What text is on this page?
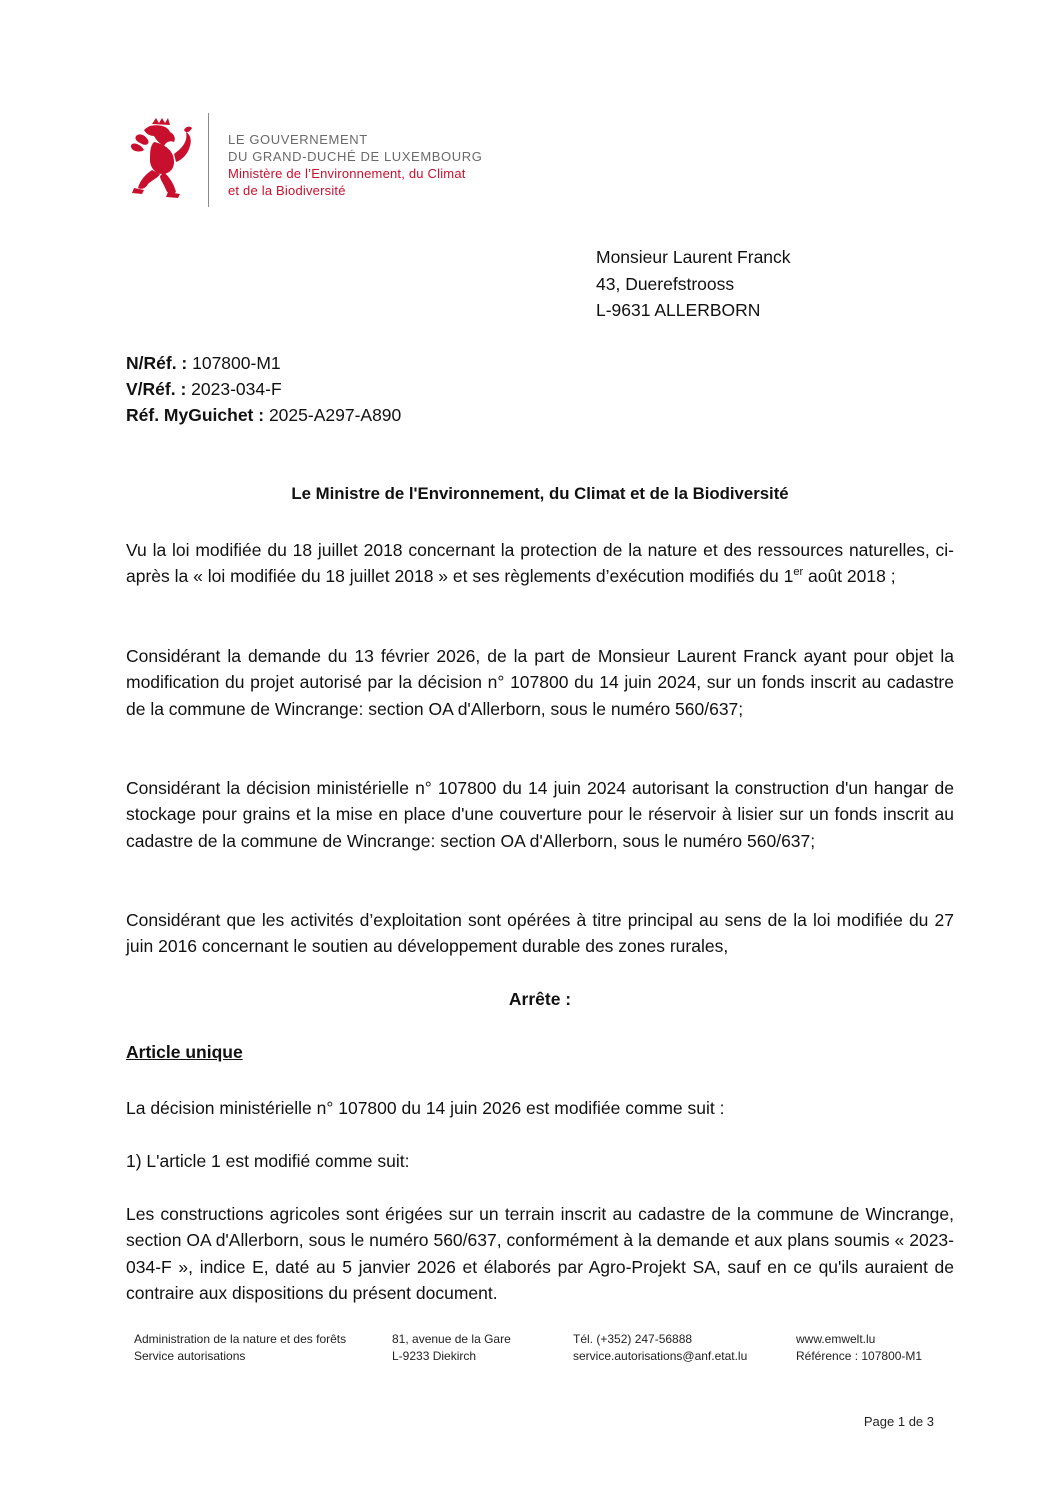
LE GOUVERNEMENT
DU GRAND-DUCHÉ DE LUXEMBOURG
Ministère de l’Environnement, du Climat
et de la Biodiversité
Monsieur Laurent Franck
43, Duerefstrooss
L-9631 ALLERBORN
N/Réf. : 107800-M1
V/Réf. : 2023-034-F
Réf. MyGuichet : 2025-A297-A890
Le Ministre de l'Environnement, du Climat et de la Biodiversité
Vu la loi modifiée du 18 juillet 2018 concernant la protection de la nature et des ressources naturelles, ci-après la « loi modifiée du 18 juillet 2018 » et ses règlements d’exécution modifiés du 1er août 2018 ;
Considérant la demande du 13 février 2026, de la part de Monsieur Laurent Franck ayant pour objet la modification du projet autorisé par la décision n° 107800 du 14 juin 2024, sur un fonds inscrit au cadastre de la commune de Wincrange: section OA d'Allerborn, sous le numéro 560/637;
Considérant la décision ministérielle n° 107800 du 14 juin 2024 autorisant la construction d'un hangar de stockage pour grains et la mise en place d'une couverture pour le réservoir à lisier sur un fonds inscrit au cadastre de la commune de Wincrange: section OA d'Allerborn, sous le numéro 560/637;
Considérant que les activités d’exploitation sont opérées à titre principal au sens de la loi modifiée du 27 juin 2016 concernant le soutien au développement durable des zones rurales,
Arrête :
Article unique
La décision ministérielle n° 107800 du 14 juin 2026 est modifiée comme suit :
1) L'article 1 est modifié comme suit:
Les constructions agricoles sont érigées sur un terrain inscrit au cadastre de la commune de Wincrange, section OA d'Allerborn, sous le numéro 560/637, conformément à la demande et aux plans soumis « 2023-034-F », indice E, daté au 5 janvier 2026 et élaborés par Agro-Projekt SA, sauf en ce qu'ils auraient de contraire aux dispositions du présent document.
Administration de la nature et des forêts
Service autorisations
81, avenue de la Gare
L-9233 Diekirch
Tél. (+352) 247-56888
service.autorisations@anf.etat.lu
www.emwelt.lu
Référence : 107800-M1
Page 1 de 3
